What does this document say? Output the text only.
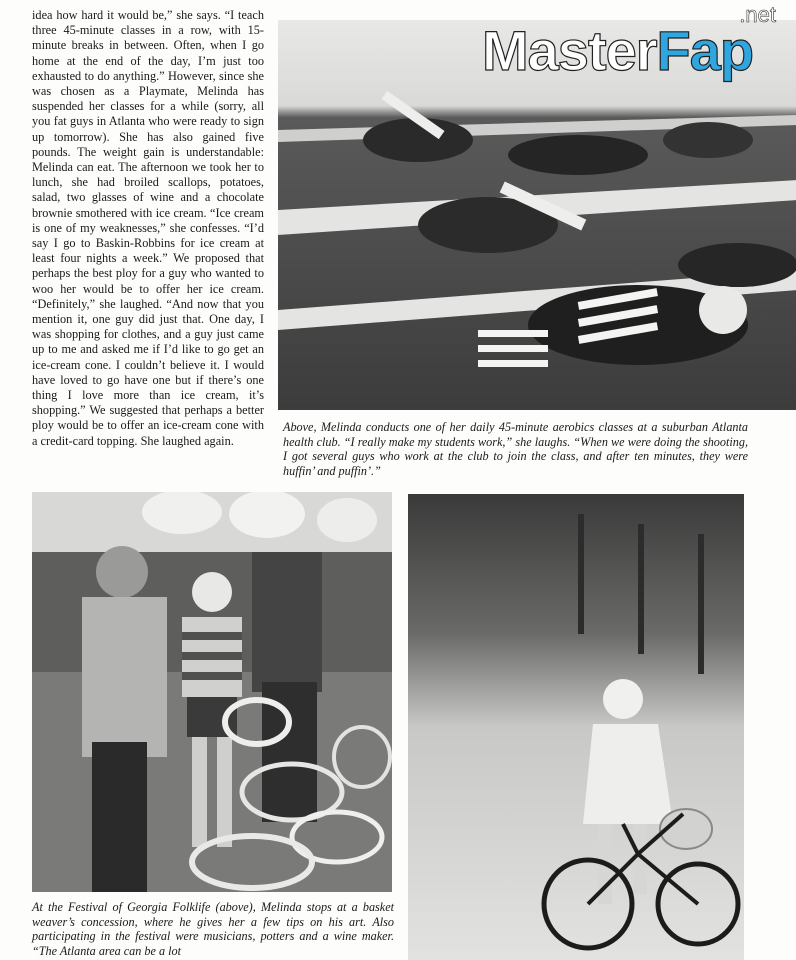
idea how hard it would be,” she says. “I teach three 45-minute classes in a row, with 15-minute breaks in between. Often, when I go home at the end of the day, I’m just too exhausted to do anything.” However, since she was chosen as a Playmate, Melinda has suspended her classes for a while (sorry, all you fat guys in Atlanta who were ready to sign up tomorrow). She has also gained five pounds. The weight gain is understandable: Melinda can eat. The afternoon we took her to lunch, she had broiled scallops, potatoes, salad, two glasses of wine and a chocolate brownie smothered with ice cream. “Ice cream is one of my weaknesses,” she confesses. “I’d say I go to Baskin-Robbins for ice cream at least four nights a week.” We proposed that perhaps the best ploy for a guy who wanted to woo her would be to offer her ice cream. “Definitely,” she laughed. “And now that you mention it, one guy did just that. One day, I was shopping for clothes, and a guy just came up to me and asked me if I’d like to go get an ice-cream cone. I couldn’t believe it. I would have loved to go have one but if there’s one thing I love more than ice cream, it’s shopping.” We suggested that perhaps a better ploy would be to offer an ice-cream cone with a credit-card topping. She laughed again.

Above, Melinda conducts one of her daily 45-minute aerobics classes at a suburban Atlanta health club. “I really make my students work,” she laughs. “When we were doing the shooting, I got several guys who work at the club to join the class, and after ten minutes, they were huffin’ and puffin’.”
At the Festival of Georgia Folklife (above), Melinda stops at a basket weaver’s concession, where he gives her a few tips on his art. Also participating in the festival were musicians, potters and a wine maker. “The Atlanta area can be a lot
.net
MasterFap
